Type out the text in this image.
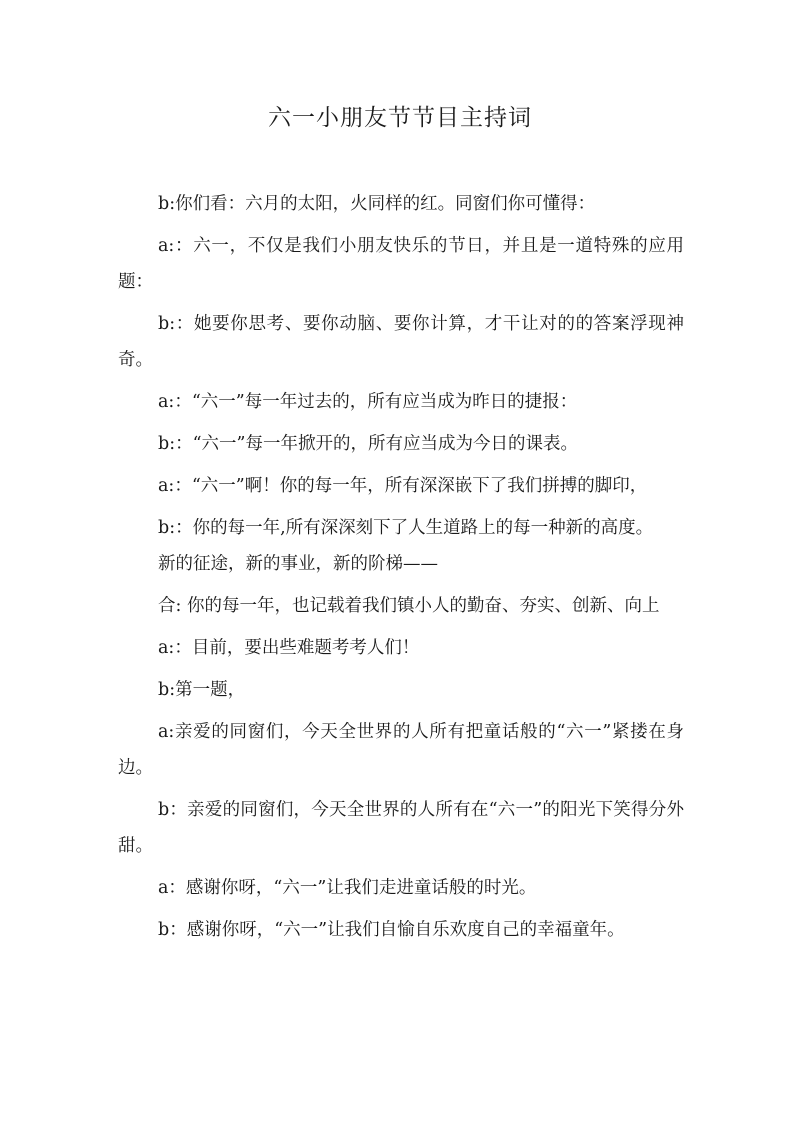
六一小朋友节节目主持词

b:你们看：六月的太阳，火同样的红。同窗们你可懂得：

a:：六一，不仅是我们小朋友快乐的节日，并且是一道特殊的应用题：

b:：她要你思考、要你动脑、要你计算，才干让对的的答案浮现神奇。

a:：“六一”每一年过去的，所有应当成为昨日的捷报：

b:：“六一”每一年掀开的，所有应当成为今日的课表。

a:：“六一”啊！你的每一年，所有深深嵌下了我们拼搏的脚印，

b:：你的每一年,所有深深刻下了人生道路上的每一种新的高度。

新的征途，新的事业，新的阶梯——

合: 你的每一年，也记载着我们镇小人的勤奋、夯实、创新、向上

a:：目前，要出些难题考考人们！

b:第一题，

a:亲爱的同窗们，今天全世界的人所有把童话般的“六一”紧搂在身边。

b：亲爱的同窗们，今天全世界的人所有在“六一”的阳光下笑得分外甜。

a：感谢你呀，“六一”让我们走进童话般的时光。

b：感谢你呀，“六一”让我们自愉自乐欢度自己的幸福童年。
